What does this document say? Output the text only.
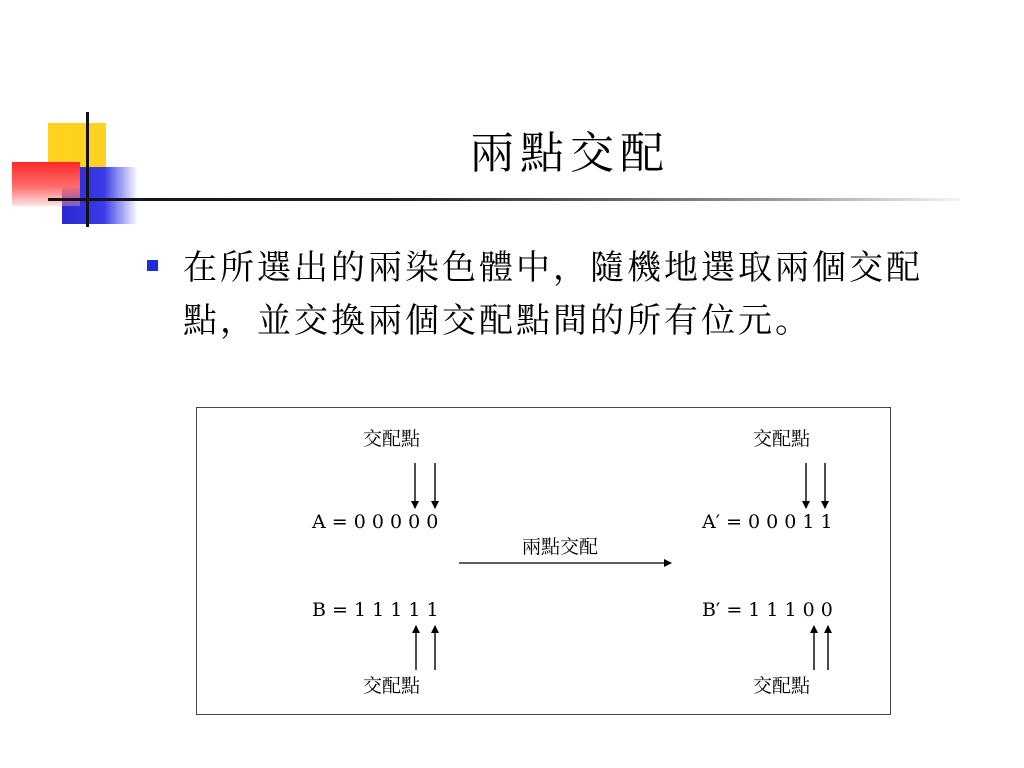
兩點交配
在所選出的兩染色體中，隨機地選取兩個交配點，並交換兩個交配點間的所有位元。
交配點	交配點
A = 0 0 0 0 0	A′ = 0 0 0 1 1
兩點交配
B = 1 1 1 1 1	B′ = 1 1 1 0 0
交配點	交配點
